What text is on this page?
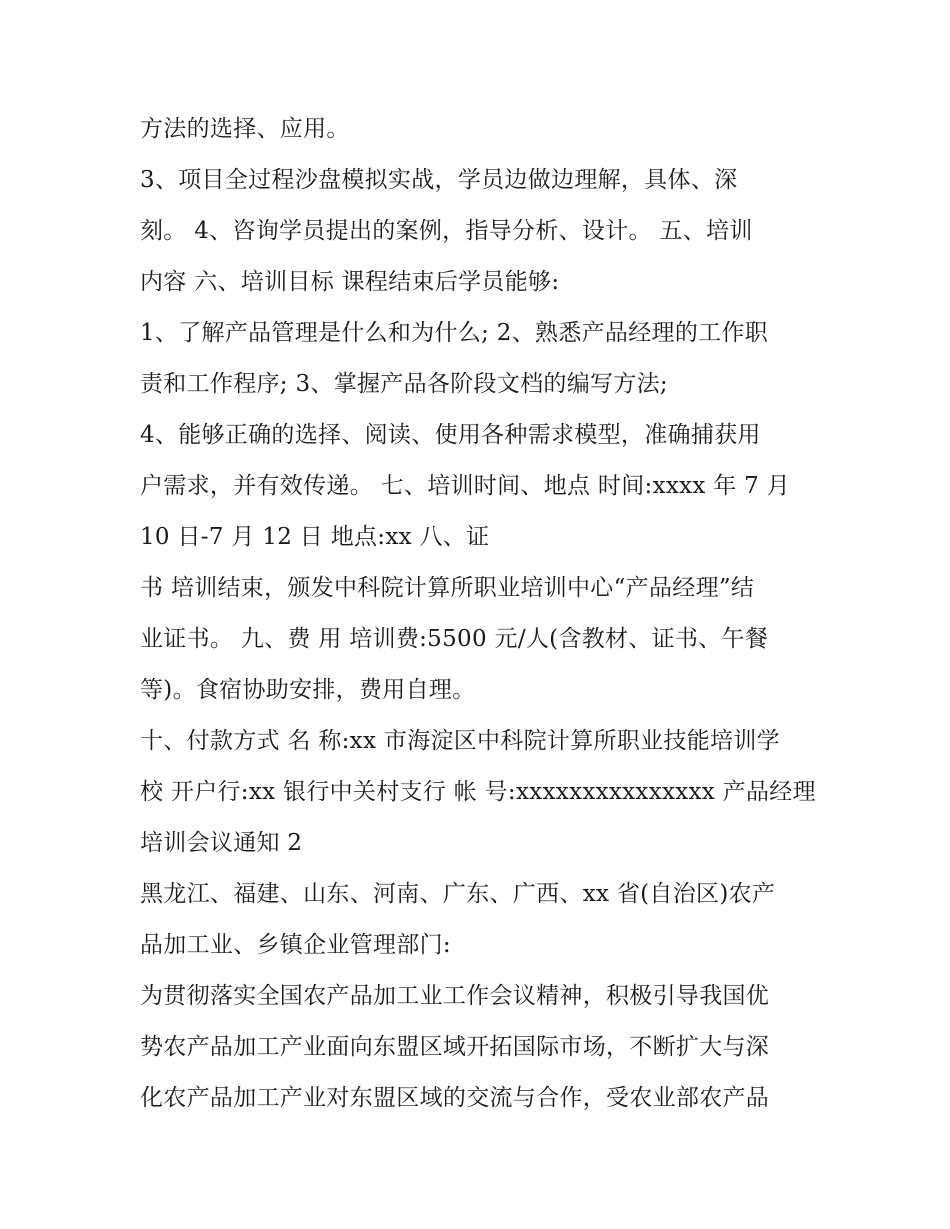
方法的选择、应用。
3、项目全过程沙盘模拟实战，学员边做边理解，具体、深
刻。 4、咨询学员提出的案例，指导分析、设计。 五、培训
内容 六、培训目标 课程结束后学员能够:
1、了解产品管理是什么和为什么; 2、熟悉产品经理的工作职
责和工作程序; 3、掌握产品各阶段文档的编写方法;
4、能够正确的选择、阅读、使用各种需求模型，准确捕获用
户需求，并有效传递。 七、培训时间、地点 时间:xxxx 年 7 月
10 日-7 月 12 日 地点:xx 八、证
书 培训结束，颁发中科院计算所职业培训中心“产品经理”结
业证书。 九、费 用 培训费:5500 元/人(含教材、证书、午餐
等)。食宿协助安排，费用自理。
十、付款方式 名 称:xx 市海淀区中科院计算所职业技能培训学
校 开户行:xx 银行中关村支行 帐 号:xxxxxxxxxxxxxxx 产品经理
培训会议通知 2
黑龙江、福建、山东、河南、广东、广西、xx 省(自治区)农产
品加工业、乡镇企业管理部门:
为贯彻落实全国农产品加工业工作会议精神，积极引导我国优
势农产品加工产业面向东盟区域开拓国际市场，不断扩大与深
化农产品加工产业对东盟区域的交流与合作，受农业部农产品
